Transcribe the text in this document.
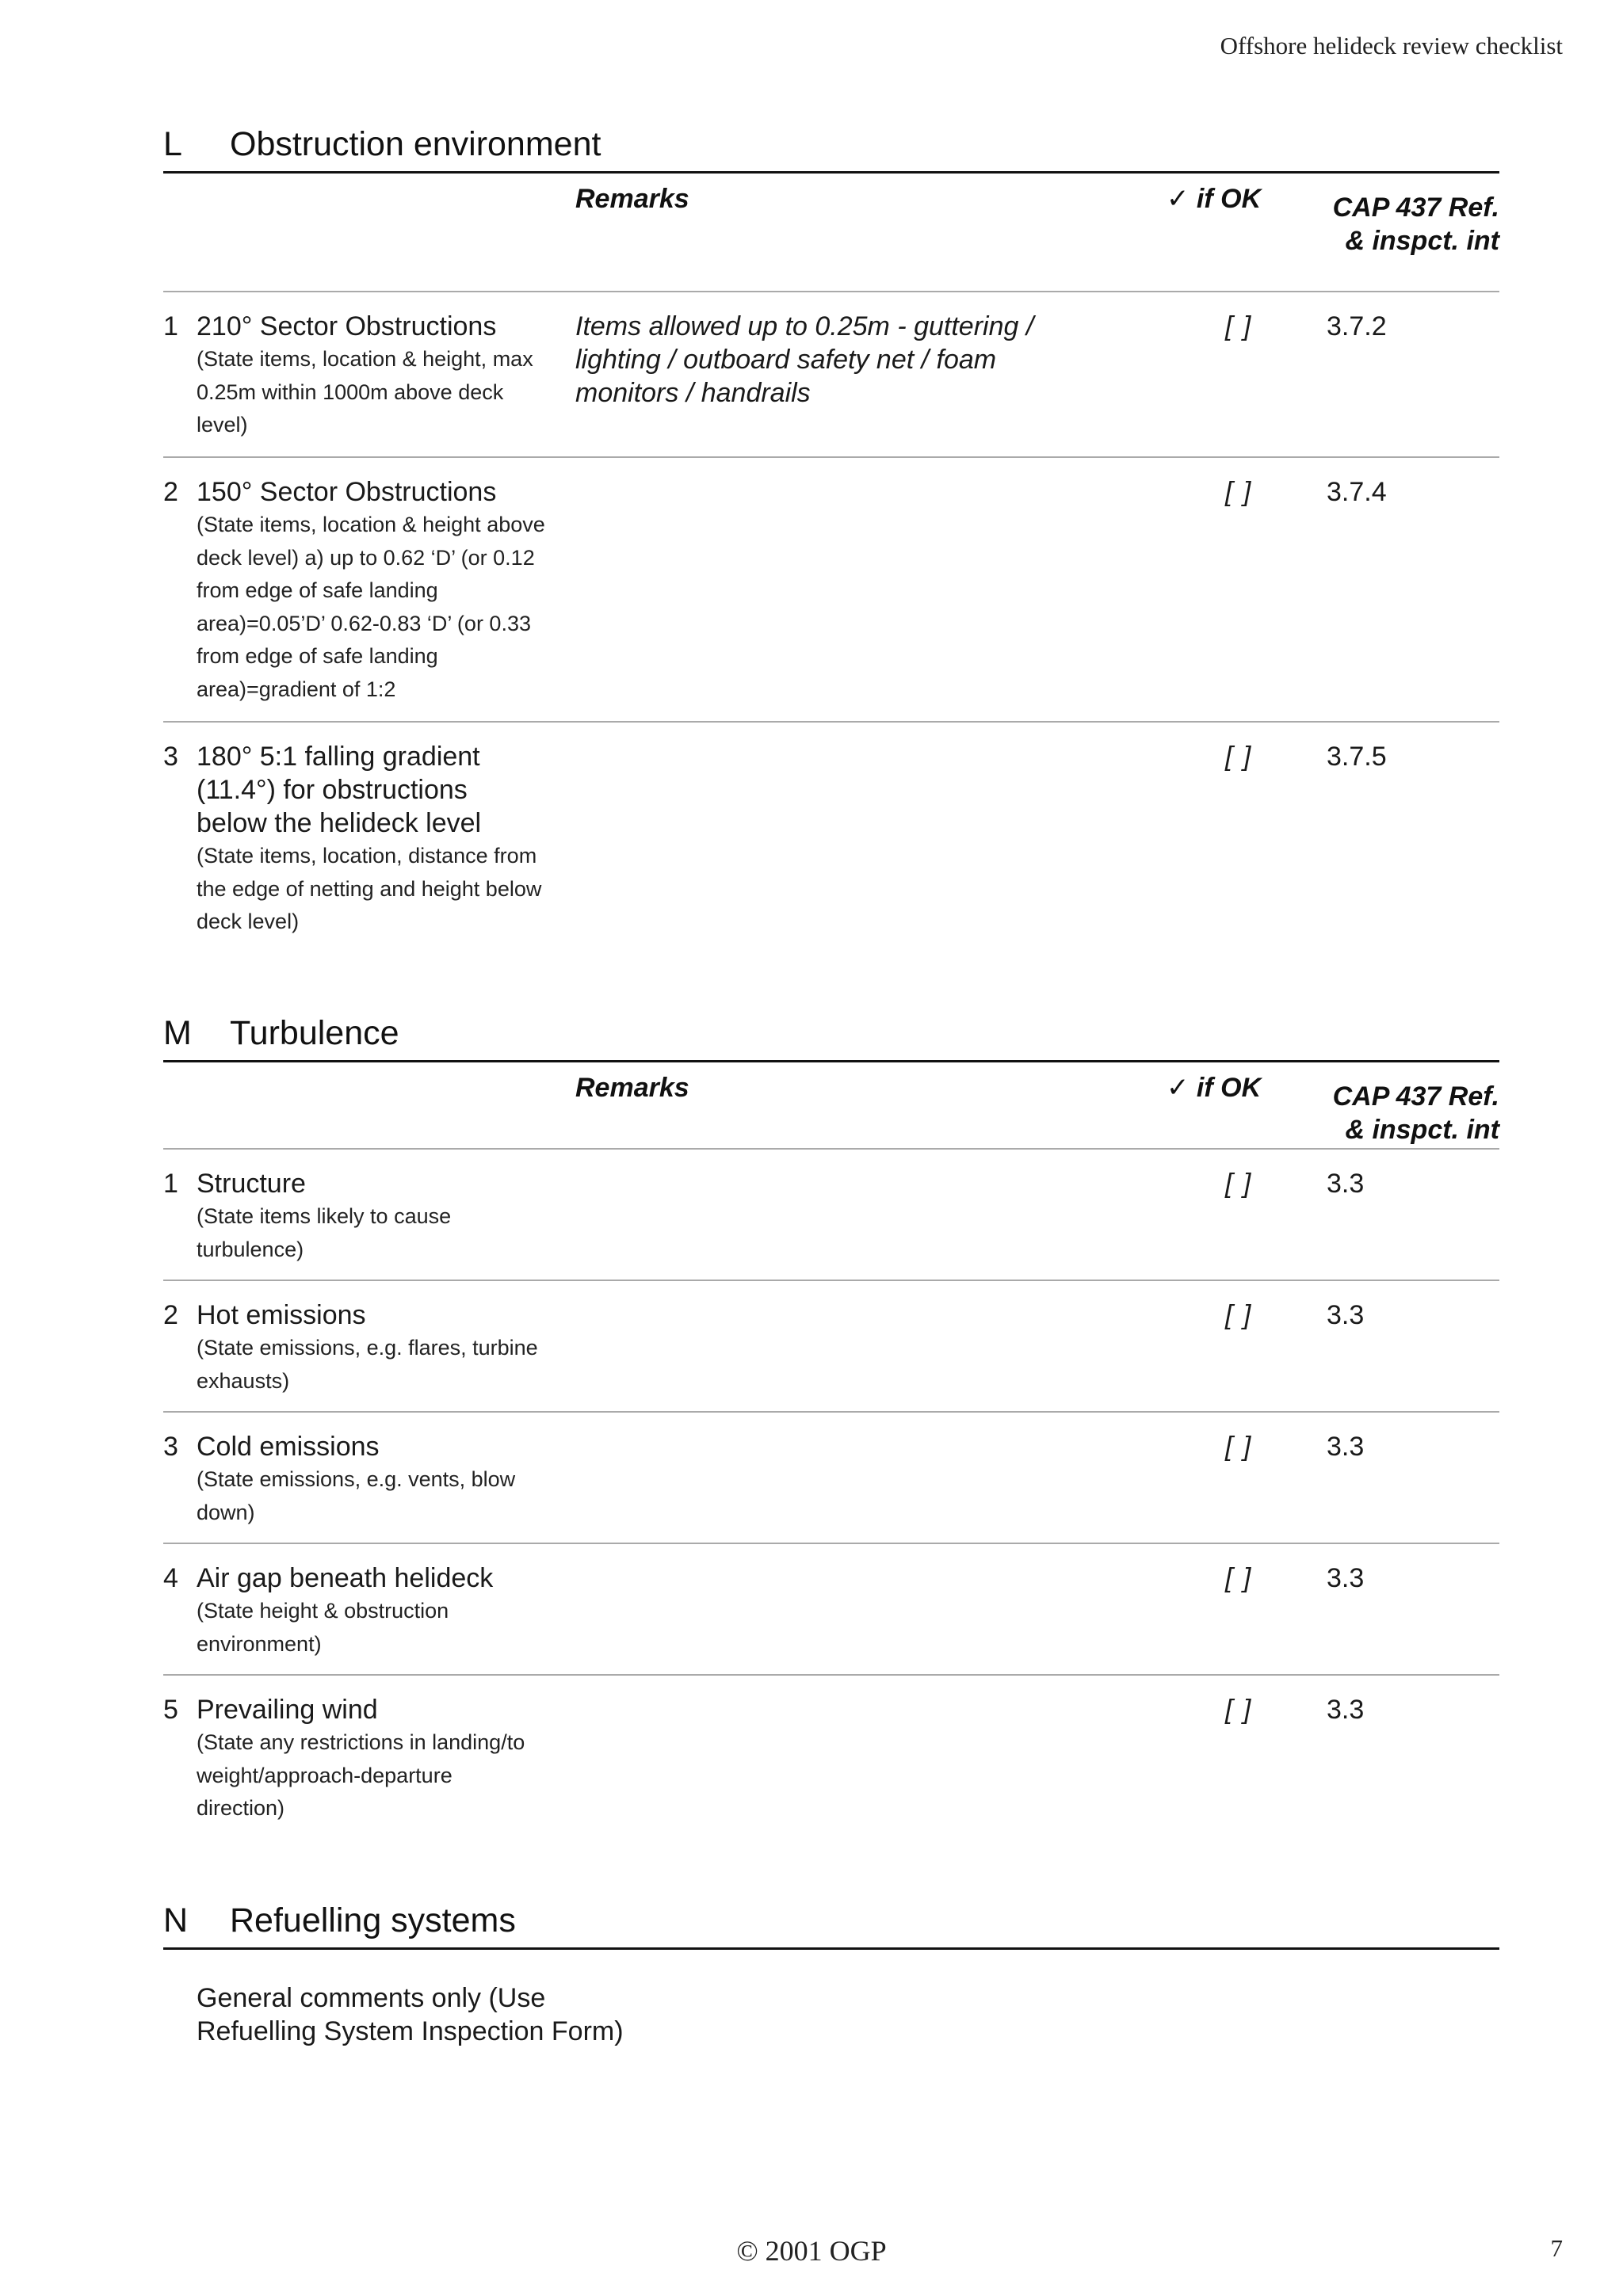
Offshore helideck review checklist
L	Obstruction environment
Remarks	✓ if OK	CAP 437 Ref.
& inspct. int
1 210° Sector Obstructions
(State items, location & height, max 0.25m within 1000m above deck level)
Items allowed up to 0.25m - guttering / lighting / outboard safety net / foam monitors / handrails
[ ]	3.7.2
2 150° Sector Obstructions
(State items, location & height above deck level) a) up to 0.62 ‘D’ (or 0.12 from edge of safe landing area)=0.05’D’ 0.62-0.83 ‘D’ (or 0.33 from edge of safe landing area)=gradient of 1:2
[ ]	3.7.4
3 180° 5:1 falling gradient (11.4°) for obstructions below the helideck level
(State items, location, distance from the edge of netting and height below deck level)
[ ]	3.7.5
M	Turbulence
Remarks	✓ if OK	CAP 437 Ref.
& inspct. int
1 Structure
(State items likely to cause turbulence)
[ ]	3.3
2 Hot emissions
(State emissions, e.g. flares, turbine exhausts)
[ ]	3.3
3 Cold emissions
(State emissions, e.g. vents, blow down)
[ ]	3.3
4 Air gap beneath helideck
(State height & obstruction environment)
[ ]	3.3
5 Prevailing wind
(State any restrictions in landing/to weight/approach-departure direction)
[ ]	3.3
N	Refuelling systems
General comments only (Use Refuelling System Inspection Form)
© 2001 OGP	7
